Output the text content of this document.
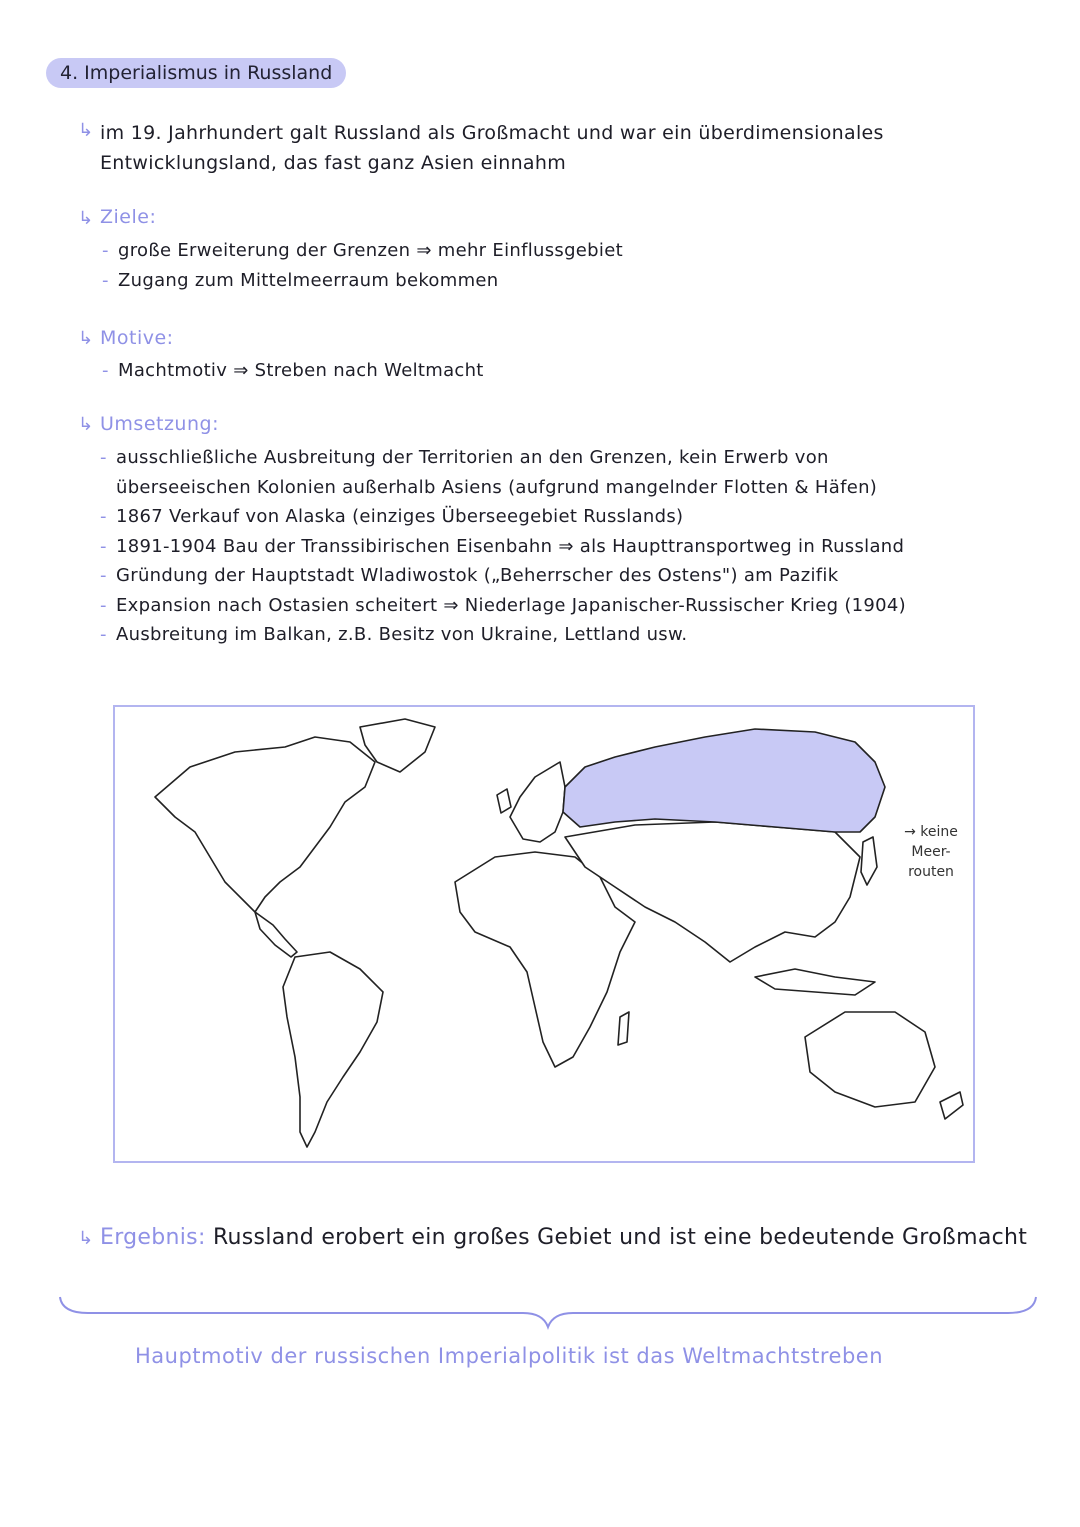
4. Imperialismus in Russland
↳ im 19. Jahrhundert galt Russland als Großmacht und war ein überdimensionales
Entwicklungsland, das fast ganz Asien einnahm
↳ Ziele:
- große Erweiterung der Grenzen ⇒ mehr Einflussgebiet
- Zugang zum Mittelmeerraum bekommen
↳ Motive:
- Machtmotiv ⇒ Streben nach Weltmacht
↳ Umsetzung:
- ausschließliche Ausbreitung der Territorien an den Grenzen, kein Erwerb von
überseeischen Kolonien außerhalb Asiens (aufgrund mangelnder Flotten & Häfen)
- 1867 Verkauf von Alaska (einziges Überseegebiet Russlands)
- 1891-1904 Bau der Transsibirischen Eisenbahn ⇒ als Haupttransportweg in Russland
- Gründung der Hauptstadt Wladiwostok („Beherrscher des Ostens") am Pazifik
- Expansion nach Ostasien scheitert ⇒ Niederlage Japanischer-Russischer Krieg (1904)
- Ausbreitung im Balkan, z.B. Besitz von Ukraine, Lettland usw.
→ keine
Meer-
routen
↳ Ergebnis: Russland erobert ein großes Gebiet und ist eine bedeutende Großmacht
Hauptmotiv der russischen Imperialpolitik ist das Weltmachtstreben
